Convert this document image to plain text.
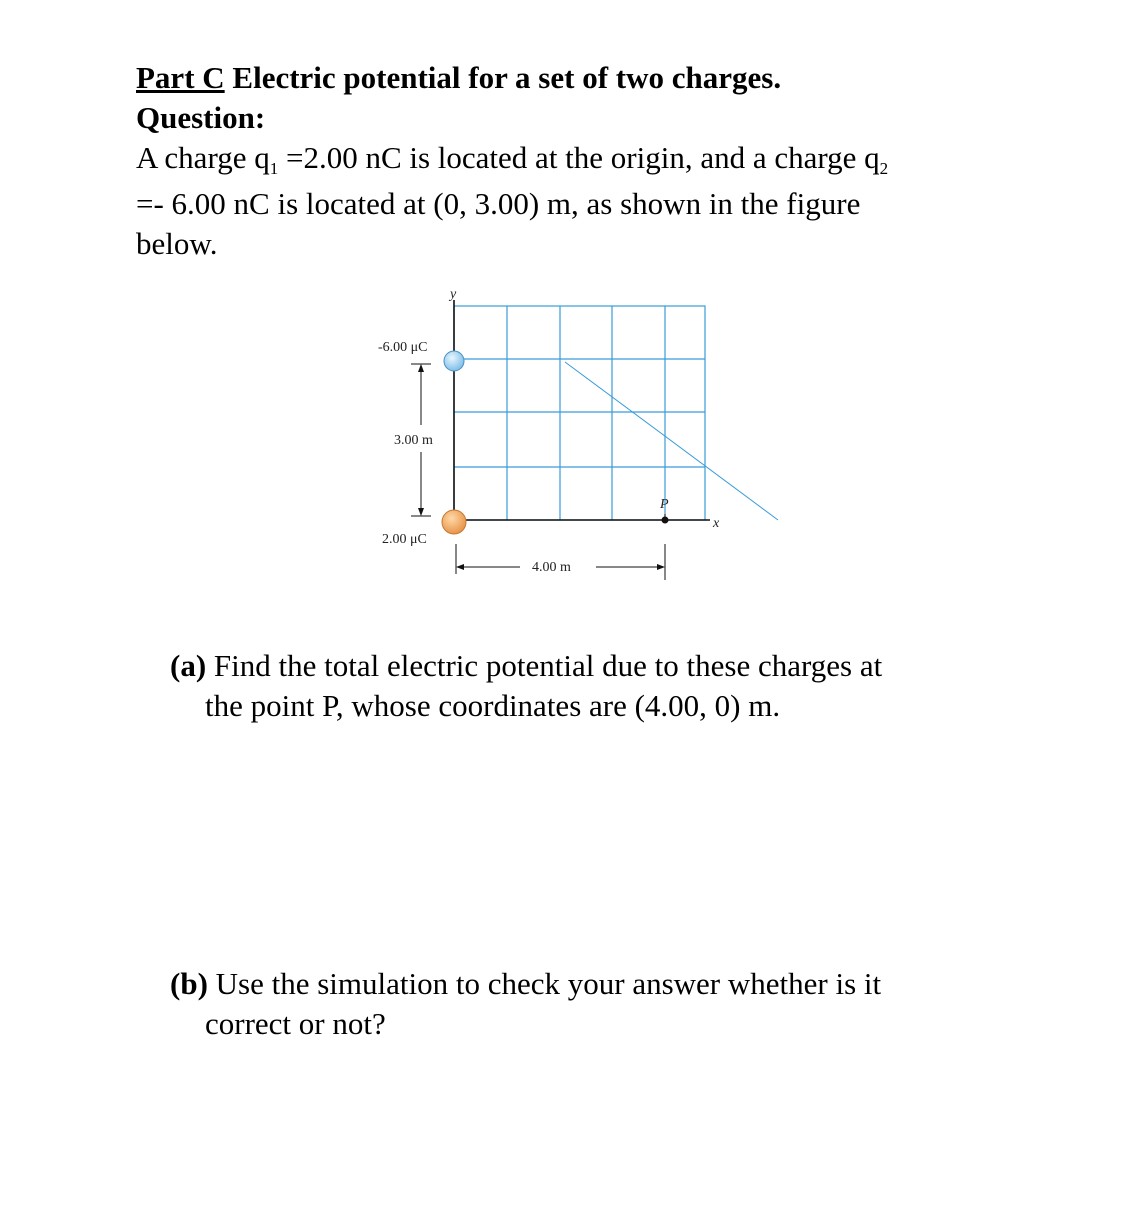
Part C Electric potential for a set of two charges.
Question:
A charge $q_1 =2.00$ nC is located at the origin, and a charge $q_2$
=- 6.00 nC is located at (0, 3.00) m, as shown in the figure
below.
y
x
-6.00 μC
2.00 μC
P
3.00 m
4.00 m
(a) Find the total electric potential due to these charges at
the point P, whose coordinates are (4.00, 0) m.
(b) Use the simulation to check your answer whether is it
correct or not?
